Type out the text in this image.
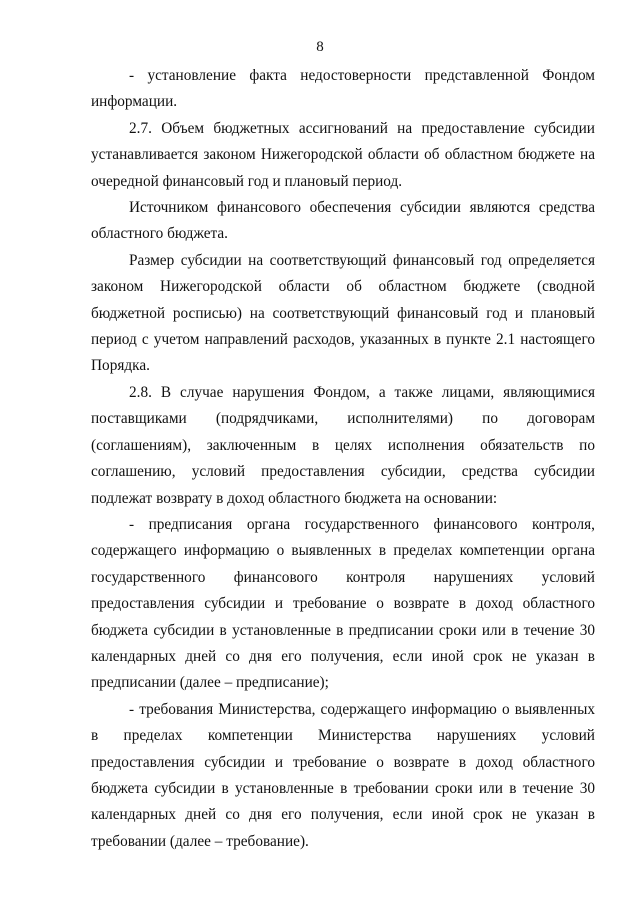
8

- установление факта недостоверности представленной Фондом информации.

2.7. Объем бюджетных ассигнований на предоставление субсидии устанавливается законом Нижегородской области об областном бюджете на очередной финансовый год и плановый период.

Источником финансового обеспечения субсидии являются средства областного бюджета.

Размер субсидии на соответствующий финансовый год определяется законом Нижегородской области об областном бюджете (сводной бюджетной росписью) на соответствующий финансовый год и плановый период с учетом направлений расходов, указанных в пункте 2.1 настоящего Порядка.

2.8. В случае нарушения Фондом, а также лицами, являющимися поставщиками (подрядчиками, исполнителями) по договорам (соглашениям), заключенным в целях исполнения обязательств по соглашению, условий предоставления субсидии, средства субсидии подлежат возврату в доход областного бюджета на основании:

- предписания органа государственного финансового контроля, содержащего информацию о выявленных в пределах компетенции органа государственного финансового контроля нарушениях условий предоставления субсидии и требование о возврате в доход областного бюджета субсидии в установленные в предписании сроки или в течение 30 календарных дней со дня его получения, если иной срок не указан в предписании (далее – предписание);

- требования Министерства, содержащего информацию о выявленных в пределах компетенции Министерства нарушениях условий предоставления субсидии и требование о возврате в доход областного бюджета субсидии в установленные в требовании сроки или в течение 30 календарных дней со дня его получения, если иной срок не указан в требовании (далее – требование).
